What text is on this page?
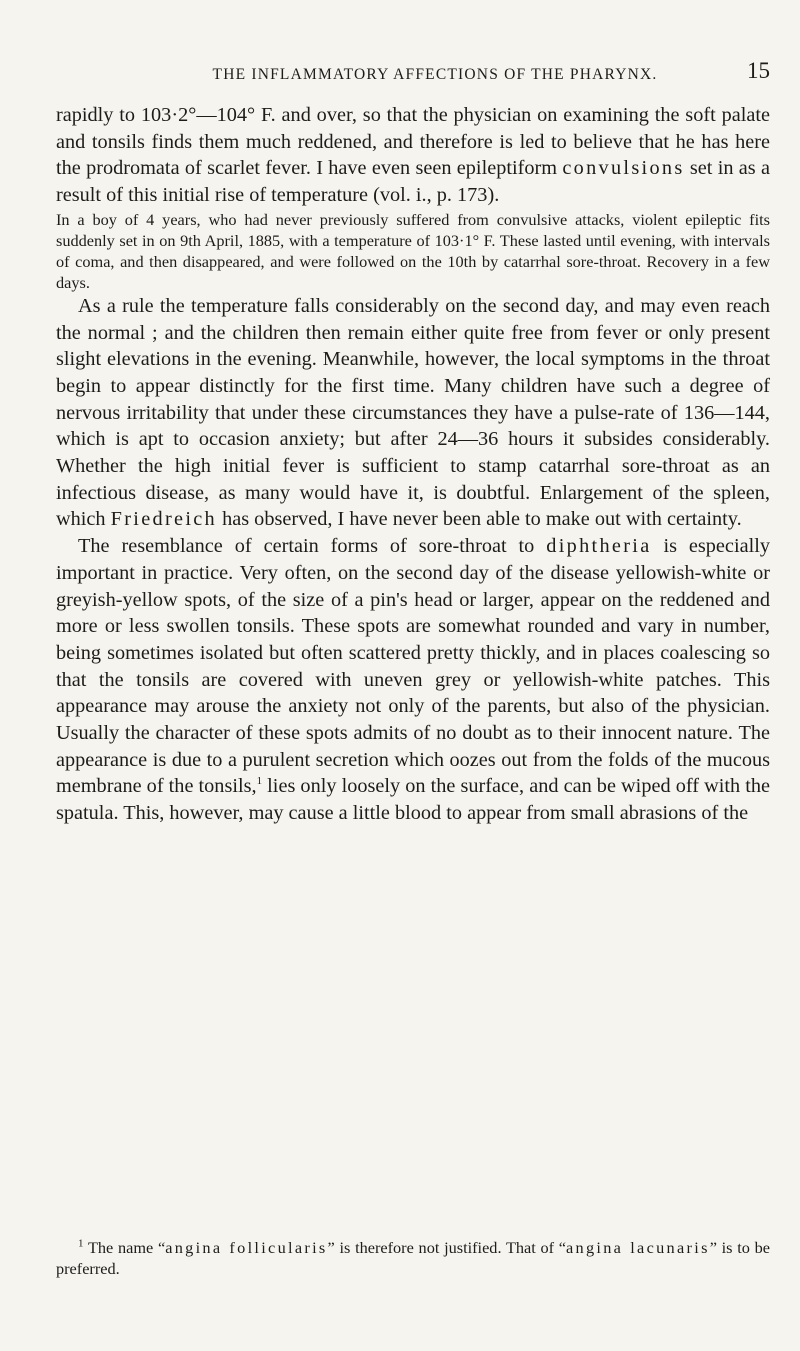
THE INFLAMMATORY AFFECTIONS OF THE PHARYNX.	15

rapidly to 103·2°—104° F. and over, so that the physician on examining the soft palate and tonsils finds them much reddened, and therefore is led to believe that he has here the prodromata of scarlet fever. I have even seen epileptiform convulsions set in as a result of this initial rise of temperature (vol. i., p. 173).

In a boy of 4 years, who had never previously suffered from convulsive attacks, violent epileptic fits suddenly set in on 9th April, 1885, with a temperature of 103·1° F. These lasted until evening, with intervals of coma, and then disappeared, and were followed on the 10th by catarrhal sore-throat. Recovery in a few days.

As a rule the temperature falls considerably on the second day, and may even reach the normal ; and the children then remain either quite free from fever or only present slight elevations in the evening. Meanwhile, however, the local symptoms in the throat begin to appear distinctly for the first time. Many children have such a degree of nervous irritability that under these circumstances they have a pulse-rate of 136—144, which is apt to occasion anxiety; but after 24—36 hours it subsides considerably. Whether the high initial fever is sufficient to stamp catarrhal sore-throat as an infectious disease, as many would have it, is doubtful. Enlargement of the spleen, which Friedreich has observed, I have never been able to make out with certainty.

The resemblance of certain forms of sore-throat to diphtheria is especially important in practice. Very often, on the second day of the disease yellowish-white or greyish-yellow spots, of the size of a pin's head or larger, appear on the reddened and more or less swollen tonsils. These spots are somewhat rounded and vary in number, being sometimes isolated but often scattered pretty thickly, and in places coalescing so that the tonsils are covered with uneven grey or yellowish-white patches. This appearance may arouse the anxiety not only of the parents, but also of the physician. Usually the character of these spots admits of no doubt as to their innocent nature. The appearance is due to a purulent secretion which oozes out from the folds of the mucous membrane of the tonsils,$^1$ lies only loosely on the surface, and can be wiped off with the spatula. This, however, may cause a little blood to appear from small abrasions of the

$^1$ The name “angina follicularis” is therefore not justified. That of “angina lacunaris” is to be preferred.
